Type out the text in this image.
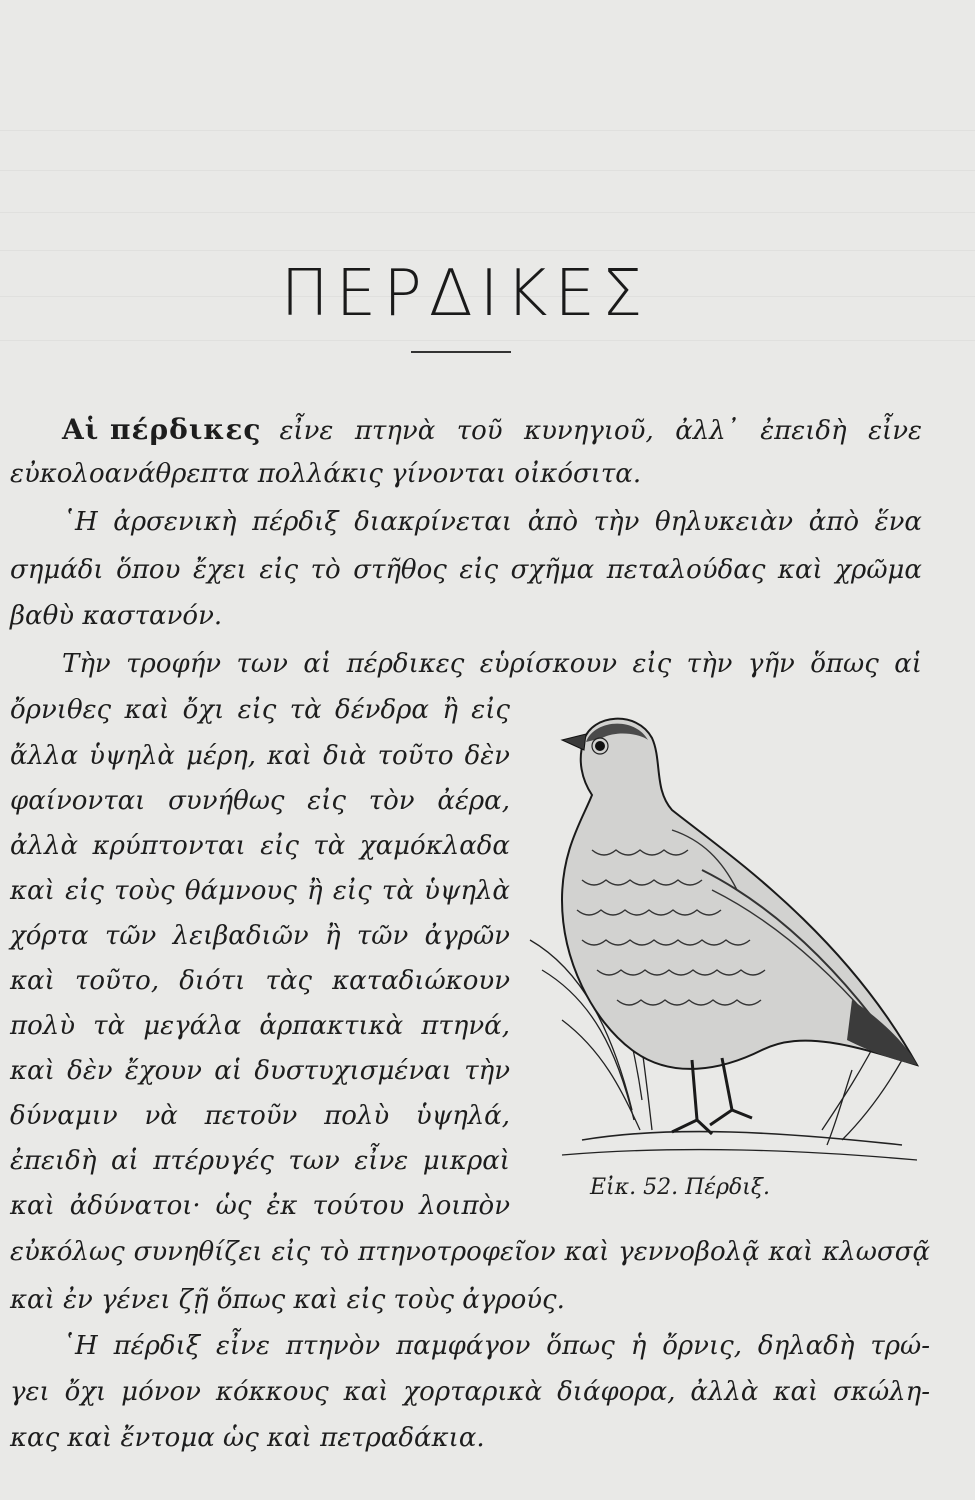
ΠΕΡΔΙΚΕΣ
Αἱ πέρδικες εἶνε πτηνὰ τοῦ κυνηγιοῦ, ἀλλ᾽ ἐπειδὴ εἶνε
εὐκολοανάθρεπτα πολλάκις γίνονται οἰκόσιτα.
῾Η ἀρσενικὴ πέρδιξ διακρίνεται ἀπὸ τὴν θηλυκειὰν ἀπὸ ἕνα
σημάδι ὅπου ἔχει εἰς τὸ στῆθος εἰς σχῆμα πεταλούδας καὶ χρῶμα
βαθὺ καστανόν.
Τὴν τροφήν των αἱ πέρδικες εὑρίσκουν εἰς τὴν γῆν ὅπως αἱ
ὄρνιθες καὶ ὄχι εἰς τὰ δένδρα ἢ εἰς
ἄλλα ὑψηλὰ μέρη, καὶ διὰ τοῦτο δὲν
φαίνονται συνήθως εἰς τὸν ἀέρα,
ἀλλὰ κρύπτονται εἰς τὰ χαμόκλαδα
καὶ εἰς τοὺς θάμνους ἢ εἰς τὰ ὑψηλὰ
χόρτα τῶν λειβαδιῶν ἢ τῶν ἀγρῶν
καὶ τοῦτο, διότι τὰς καταδιώκουν
πολὺ τὰ μεγάλα ἁρπακτικὰ πτηνά,
καὶ δὲν ἔχουν αἱ δυστυχισμέναι τὴν
δύναμιν νὰ πετοῦν πολὺ ὑψηλά,
ἐπειδὴ αἱ πτέρυγές των εἶνε μικραὶ
καὶ ἀδύνατοι· ὡς ἐκ τούτου λοιπὸν
εὐκόλως συνηθίζει εἰς τὸ πτηνοτροφεῖον καὶ γεννοβολᾷ καὶ κλωσσᾷ
καὶ ἐν γένει ζῇ ὅπως καὶ εἰς τοὺς ἀγρούς.
῾Η πέρδιξ εἶνε πτηνὸν παμφάγον ὅπως ἡ ὄρνις, δηλαδὴ τρώ-
γει ὄχι μόνον κόκκους καὶ χορταρικὰ διάφορα, ἀλλὰ καὶ σκώλη-
κας καὶ ἔντομα ὡς καὶ πετραδάκια.
Εἰκ. 52. Πέρδιξ.
